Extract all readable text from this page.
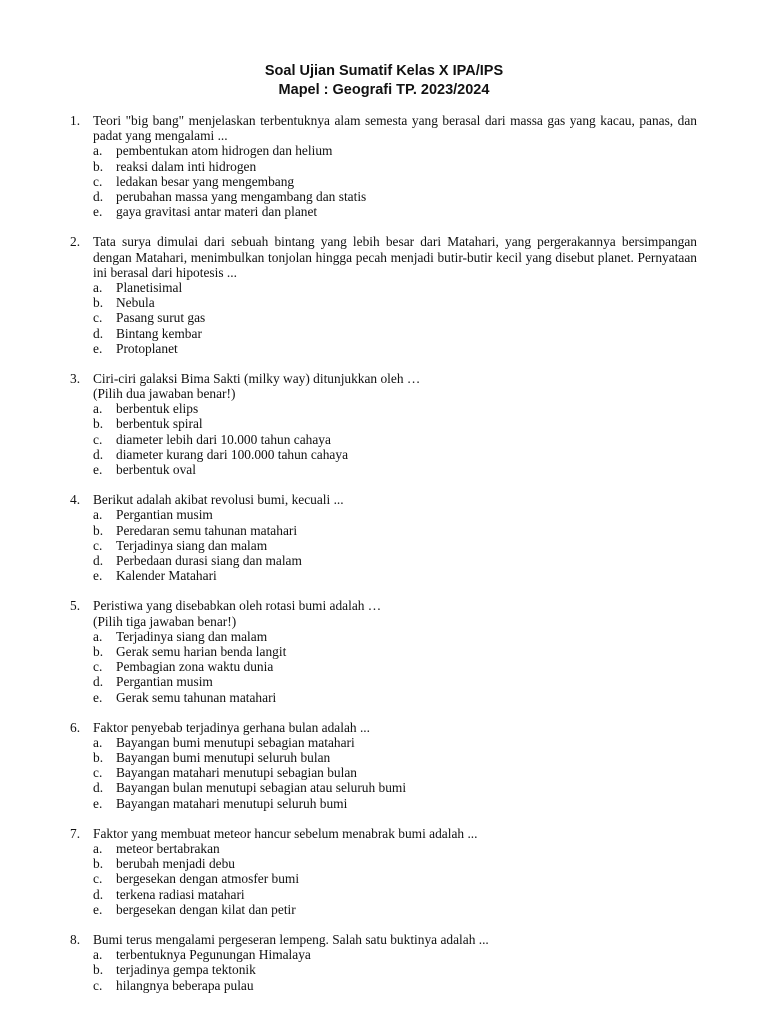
Soal Ujian Sumatif Kelas X IPA/IPS
Mapel : Geografi TP. 2023/2024
1. Teori "big bang" menjelaskan terbentuknya alam semesta yang berasal dari massa gas yang kacau, panas, dan padat yang mengalami ...
a. pembentukan atom hidrogen dan helium
b. reaksi dalam inti hidrogen
c. ledakan besar yang mengembang
d. perubahan massa yang mengambang dan statis
e. gaya gravitasi antar materi dan planet
2. Tata surya dimulai dari sebuah bintang yang lebih besar dari Matahari, yang pergerakannya bersimpangan dengan Matahari, menimbulkan tonjolan hingga pecah menjadi butir-butir kecil yang disebut planet. Pernyataan ini berasal dari hipotesis ...
a. Planetisimal
b. Nebula
c. Pasang surut gas
d. Bintang kembar
e. Protoplanet
3. Ciri-ciri galaksi Bima Sakti (milky way) ditunjukkan oleh …
(Pilih dua jawaban benar!)
a. berbentuk elips
b. berbentuk spiral
c. diameter lebih dari 10.000 tahun cahaya
d. diameter kurang dari 100.000 tahun cahaya
e. berbentuk oval
4. Berikut adalah akibat revolusi bumi, kecuali ...
a. Pergantian musim
b. Peredaran semu tahunan matahari
c. Terjadinya siang dan malam
d. Perbedaan durasi siang dan malam
e. Kalender Matahari
5. Peristiwa yang disebabkan oleh rotasi bumi adalah …
(Pilih tiga jawaban benar!)
a. Terjadinya siang dan malam
b. Gerak semu harian benda langit
c. Pembagian zona waktu dunia
d. Pergantian musim
e. Gerak semu tahunan matahari
6. Faktor penyebab terjadinya gerhana bulan adalah ...
a. Bayangan bumi menutupi sebagian matahari
b. Bayangan bumi menutupi seluruh bulan
c. Bayangan matahari menutupi sebagian bulan
d. Bayangan bulan menutupi sebagian atau seluruh bumi
e. Bayangan matahari menutupi seluruh bumi
7. Faktor yang membuat meteor hancur sebelum menabrak bumi adalah ...
a. meteor bertabrakan
b. berubah menjadi debu
c. bergesekan dengan atmosfer bumi
d. terkena radiasi matahari
e. bergesekan dengan kilat dan petir
8. Bumi terus mengalami pergeseran lempeng. Salah satu buktinya adalah ...
a. terbentuknya Pegunungan Himalaya
b. terjadinya gempa tektonik
c. hilangnya beberapa pulau
